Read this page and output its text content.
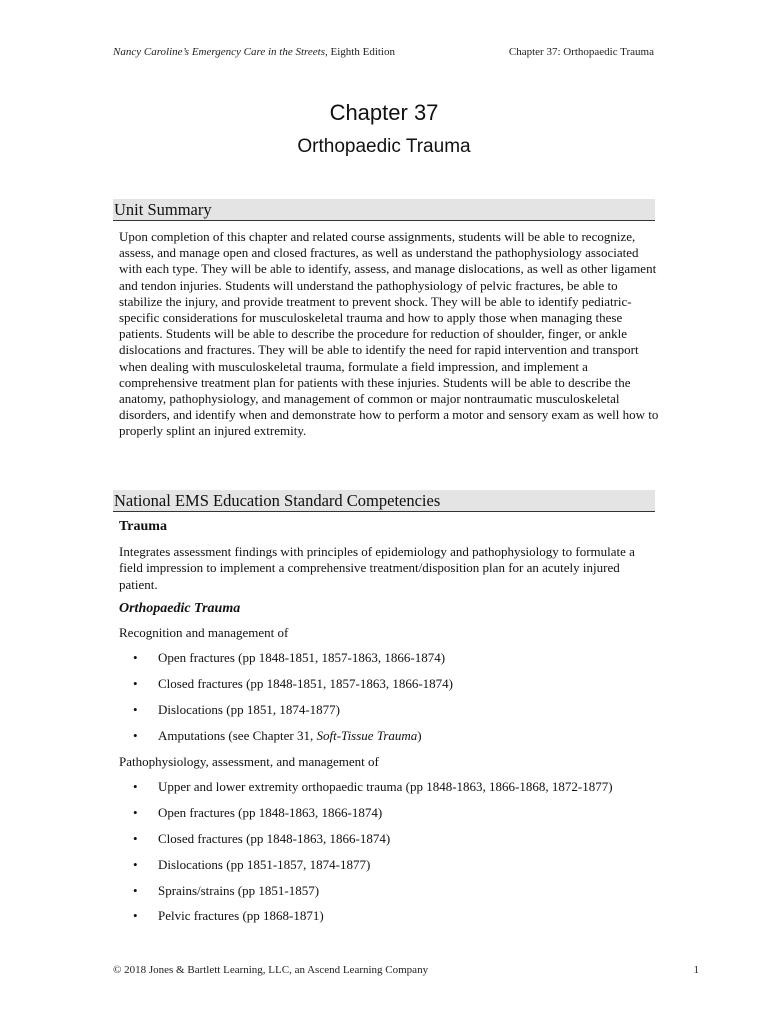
Nancy Caroline’s Emergency Care in the Streets, Eighth Edition	Chapter 37: Orthopaedic Trauma
Chapter 37
Orthopaedic Trauma
Unit Summary
Upon completion of this chapter and related course assignments, students will be able to recognize, assess, and manage open and closed fractures, as well as understand the pathophysiology associated with each type. They will be able to identify, assess, and manage dislocations, as well as other ligament and tendon injuries. Students will understand the pathophysiology of pelvic fractures, be able to stabilize the injury, and provide treatment to prevent shock. They will be able to identify pediatric-specific considerations for musculoskeletal trauma and how to apply those when managing these patients. Students will be able to describe the procedure for reduction of shoulder, finger, or ankle dislocations and fractures. They will be able to identify the need for rapid intervention and transport when dealing with musculoskeletal trauma, formulate a field impression, and implement a comprehensive treatment plan for patients with these injuries. Students will be able to describe the anatomy, pathophysiology, and management of common or major nontraumatic musculoskeletal disorders, and identify when and demonstrate how to perform a motor and sensory exam as well how to properly splint an injured extremity.
National EMS Education Standard Competencies
Trauma
Integrates assessment findings with principles of epidemiology and pathophysiology to formulate a field impression to implement a comprehensive treatment/disposition plan for an acutely injured patient.
Orthopaedic Trauma
Recognition and management of
• Open fractures (pp 1848-1851, 1857-1863, 1866-1874)
• Closed fractures (pp 1848-1851, 1857-1863, 1866-1874)
• Dislocations (pp 1851, 1874-1877)
• Amputations (see Chapter 31, Soft-Tissue Trauma)
Pathophysiology, assessment, and management of
• Upper and lower extremity orthopaedic trauma (pp 1848-1863, 1866-1868, 1872-1877)
• Open fractures (pp 1848-1863, 1866-1874)
• Closed fractures (pp 1848-1863, 1866-1874)
• Dislocations (pp 1851-1857, 1874-1877)
• Sprains/strains (pp 1851-1857)
• Pelvic fractures (pp 1868-1871)
© 2018 Jones & Bartlett Learning, LLC, an Ascend Learning Company	1
